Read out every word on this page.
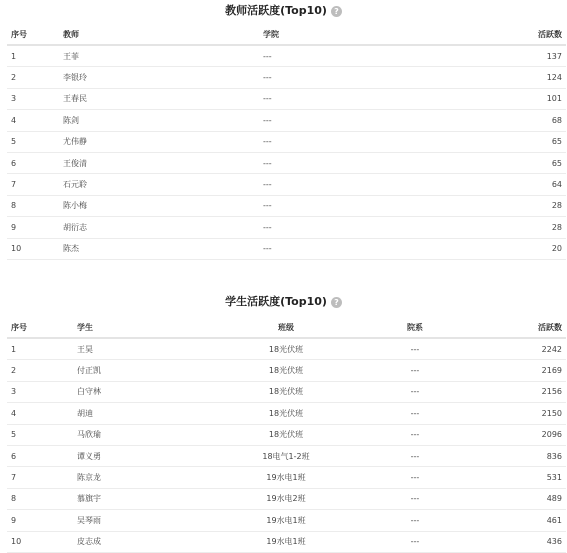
教师活跃度(Top10) ?
序号	教师	学院	活跃数
1	王菲	---	137
2	李银玲	---	124
3	王春民	---	101
4	陈剑	---	68
5	尤伟静	---	65
6	王俊清	---	65
7	石元聆	---	64
8	陈小梅	---	28
9	胡衍志	---	28
10	陈杰	---	20
学生活跃度(Top10) ?
序号	学生	班级	院系	活跃数
1	王昊	18光伏班	---	2242
2	付正凯	18光伏班	---	2169
3	白守林	18光伏班	---	2156
4	胡迪	18光伏班	---	2150
5	马欣瑜	18光伏班	---	2096
6	谭义勇	18电气1-2班	---	836
7	陈京龙	19水电1班	---	531
8	慕旗宇	19水电2班	---	489
9	吴琴雨	19水电1班	---	461
10	皮志成	19水电1班	---	436
